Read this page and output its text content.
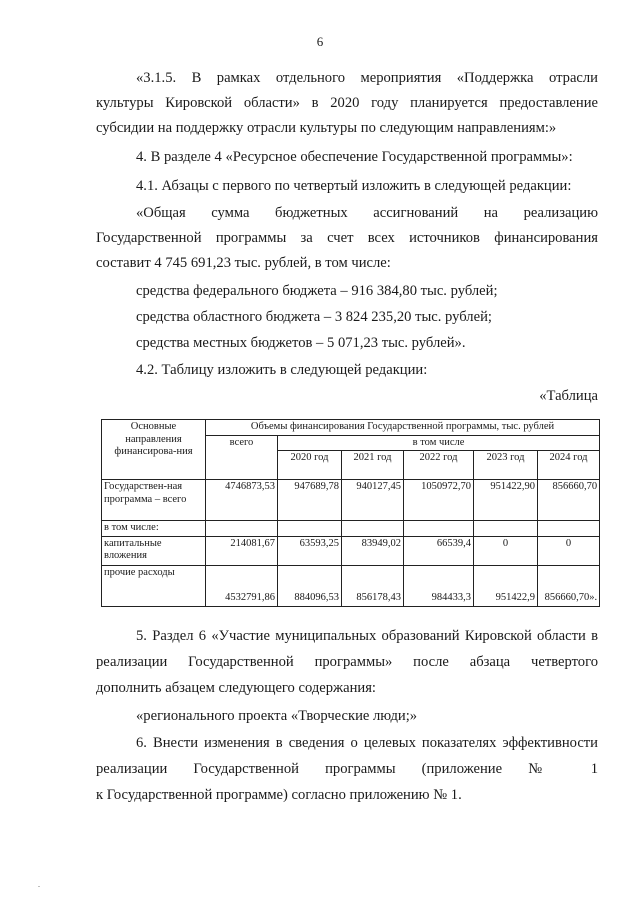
6
«3.1.5. В рамках отдельного мероприятия «Поддержка отрасли
культуры Кировской области» в 2020 году планируется предоставление
субсидии на поддержку отрасли культуры по следующим направлениям:»
4. В разделе 4 «Ресурсное обеспечение Государственной программы»:
4.1. Абзацы с первого по четвертый изложить в следующей редакции:
«Общая сумма бюджетных ассигнований на реализацию
Государственной программы за счет всех источников финансирования
составит 4 745 691,23 тыс. рублей, в том числе:
средства федерального бюджета – 916 384,80 тыс. рублей;
средства областного бюджета – 3 824 235,20 тыс. рублей;
средства местных бюджетов – 5 071,23 тыс. рублей».
4.2. Таблицу изложить в следующей редакции:
«Таблица
Основные направления финансирова-ния	Объемы финансирования Государственной программы, тыс. рублей					
	всего	в том числе				
		2020 год	2021 год	2022 год	2023 год	2024 год
Государствен-ная программа – всего	4746873,53	947689,78	940127,45	1050972,70	951422,90	856660,70
в том числе:						
капитальные вложения	214081,67	63593,25	83949,02	66539,4	0	0
прочие расходы	4532791,86	884096,53	856178,43	984433,3	951422,9	856660,70».
5. Раздел 6 «Участие муниципальных образований Кировской области в
реализации Государственной программы» после абзаца четвертого
дополнить абзацем следующего содержания:
«регионального проекта «Творческие люди;»
6. Внести изменения в сведения о целевых показателях эффективности
реализации Государственной программы (приложение № 1
к Государственной программе) согласно приложению № 1.
.
